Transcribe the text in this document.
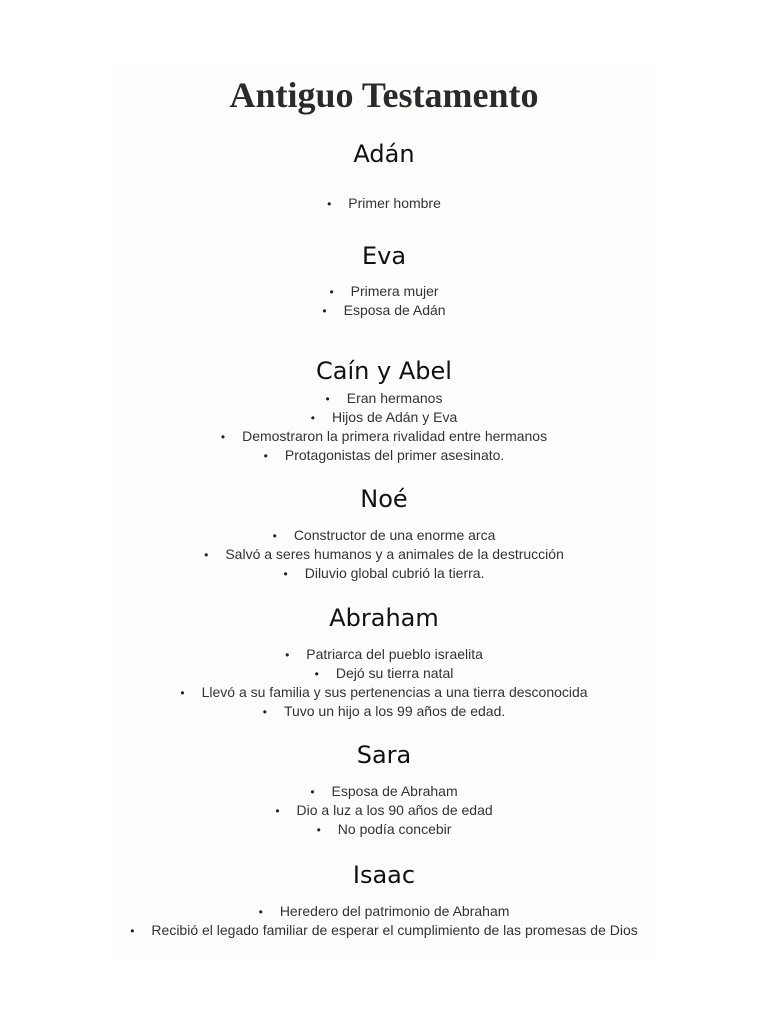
Antiguo Testamento
Adán
• Primer hombre
Eva
• Primera mujer
• Esposa de Adán
Caín y Abel
• Eran hermanos
• Hijos de Adán y Eva
• Demostraron la primera rivalidad entre hermanos
• Protagonistas del primer asesinato.
Noé
• Constructor de una enorme arca
• Salvó a seres humanos y a animales de la destrucción
• Diluvio global cubrió la tierra.
Abraham
• Patriarca del pueblo israelita
• Dejó su tierra natal
• Llevó a su familia y sus pertenencias a una tierra desconocida
• Tuvo un hijo a los 99 años de edad.
Sara
• Esposa de Abraham
• Dio a luz a los 90 años de edad
• No podía concebir
Isaac
• Heredero del patrimonio de Abraham
• Recibió el legado familiar de esperar el cumplimiento de las promesas de Dios
